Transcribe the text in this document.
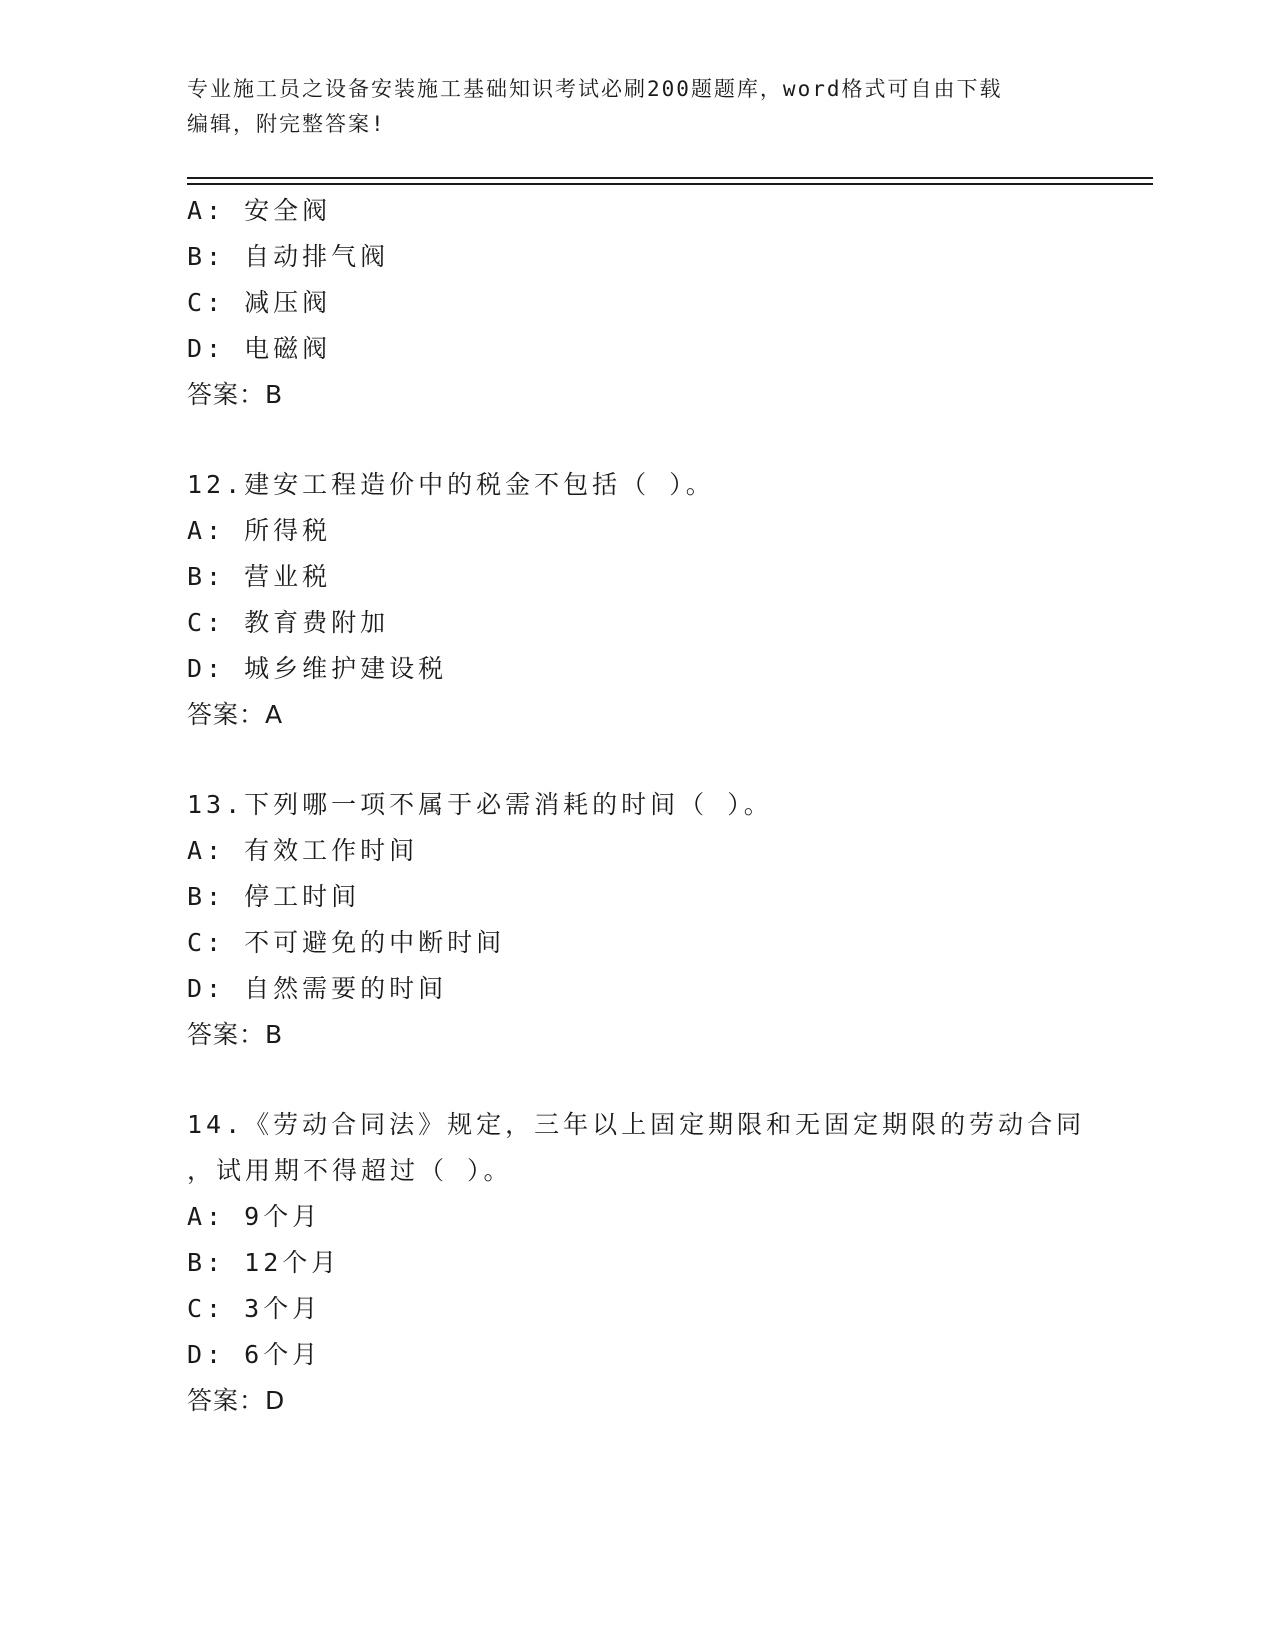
专业施工员之设备安装施工基础知识考试必刷200题题库，word格式可自由下载

编辑，附完整答案!

A: 安全阀
B: 自动排气阀
C: 减压阀
D: 电磁阀
答案：B
12.建安工程造价中的税金不包括（ ）。
A: 所得税
B: 营业税
C: 教育费附加
D: 城乡维护建设税
答案：A
13.下列哪一项不属于必需消耗的时间（ ）。
A: 有效工作时间
B: 停工时间
C: 不可避免的中断时间
D: 自然需要的时间
答案：B
14.《劳动合同法》规定，三年以上固定期限和无固定期限的劳动合同
，试用期不得超过（ ）。
A: 9个月
B: 12个月
C: 3个月
D: 6个月
答案：D
